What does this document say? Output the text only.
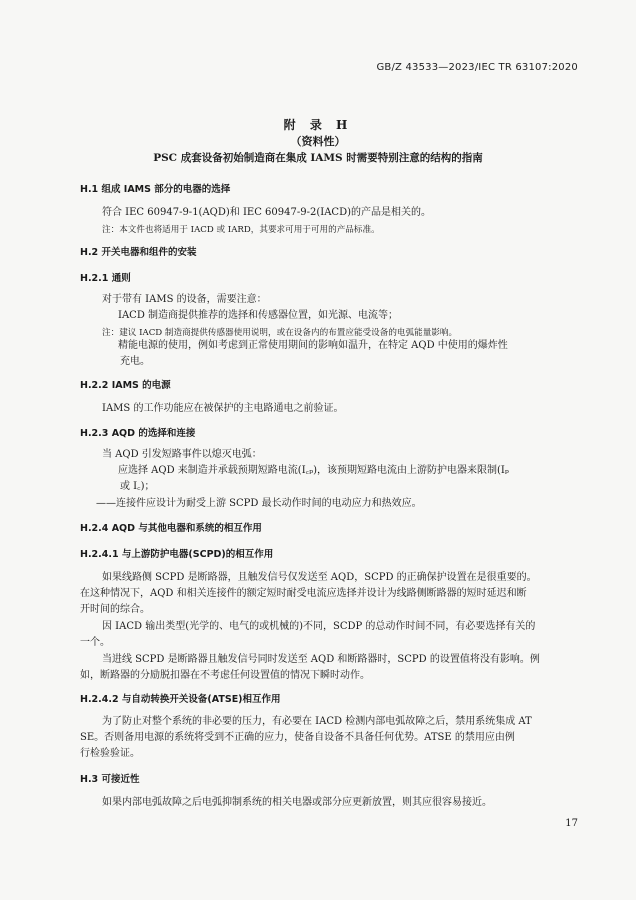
GB/Z 43533—2023/IEC TR 63107:2020
附 录 H
（资料性）
PSC 成套设备初始制造商在集成 IAMS 时需要特别注意的结构的指南
H.1 组成 IAMS 部分的电器的选择
符合 IEC 60947-9-1(AQD)和 IEC 60947-9-2(IACD)的产品是相关的。
注：本文件也将适用于 IACD 或 IARD，其要求可用于可用的产品标准。
H.2 开关电器和组件的安装
H.2.1 通则
对于带有 IAMS 的设备，需要注意：
IACD 制造商提供推荐的选择和传感器位置，如光源、电流等；
注：建议 IACD 制造商提供传感器使用说明，或在设备内的布置应能受设备的电弧能量影响。
精能电源的使用，例如考虑到正常使用期间的影响如温升，在特定 AQD 中使用的爆炸性
充电。
H.2.2 IAMS 的电源
IAMS 的工作功能应在被保护的主电路通电之前验证。
H.2.3 AQD 的选择和连接
当 AQD 引发短路事件以熄灭电弧：
应选择 AQD 来制造并承载预期短路电流(I꜀ₚ)，该预期短路电流由上游防护电器来限制(Iₚ
或 I꜀)；
——连接件应设计为耐受上游 SCPD 最长动作时间的电动应力和热效应。
H.2.4 AQD 与其他电器和系统的相互作用
H.2.4.1 与上游防护电器(SCPD)的相互作用
如果线路侧 SCPD 是断路器，且触发信号仅发送至 AQD，SCPD 的正确保护设置在是很重要的。
在这种情况下，AQD 和相关连接件的额定短时耐受电流应选择并设计为线路侧断路器的短时延迟和断
开时间的综合。
因 IACD 输出类型(光学的、电气的或机械的)不同，SCDP 的总动作时间不同，有必要选择有关的
一个。
当进线 SCPD 是断路器且触发信号同时发送至 AQD 和断路器时，SCPD 的设置值将没有影响。例
如，断路器的分励脱扣器在不考虑任何设置值的情况下瞬时动作。
H.2.4.2 与自动转换开关设备(ATSE)相互作用
为了防止对整个系统的非必要的压力，有必要在 IACD 检测内部电弧故障之后，禁用系统集成 AT
SE。否则备用电源的系统将受到不正确的应力，使备自设备不具备任何优势。ATSE 的禁用应由例
行检验验证。
H.3 可接近性
如果内部电弧故障之后电弧抑制系统的相关电器或部分应更新放置，则其应很容易接近。
17
